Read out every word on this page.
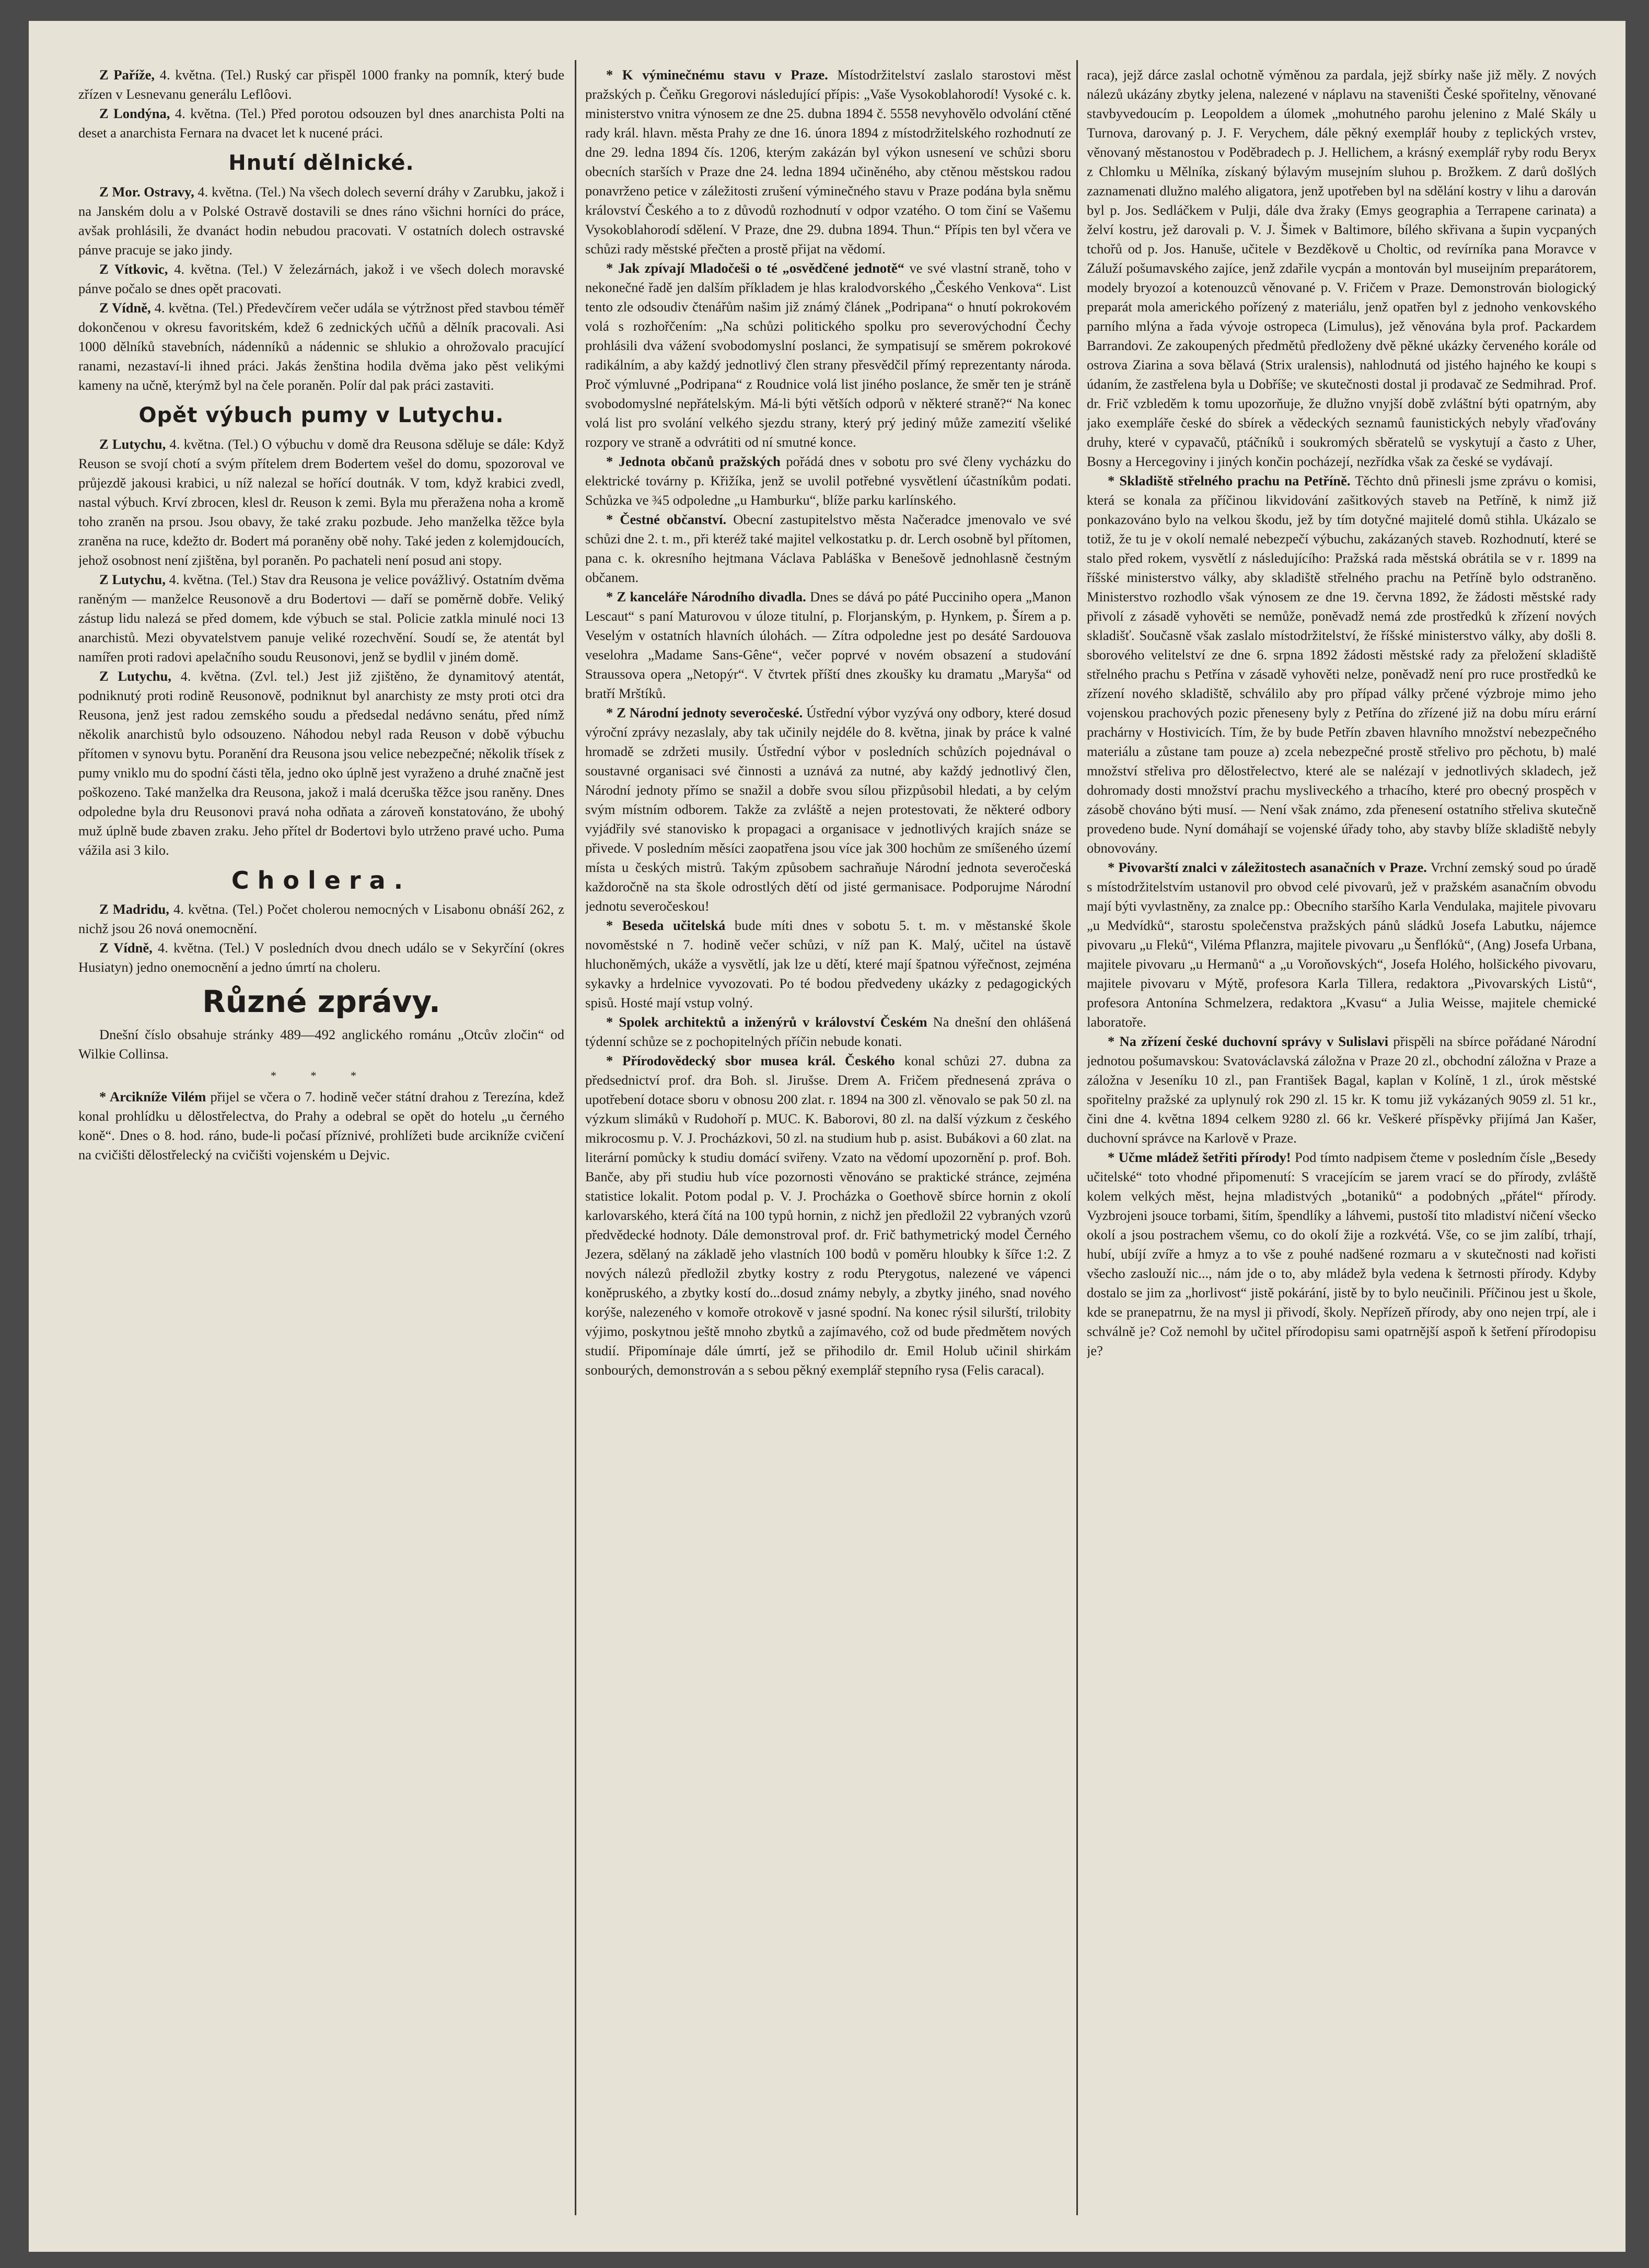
Z Paříže, 4. května. (Tel.) Ruský car přispěl 1000 franky na pomník, který bude zřízen v Lesnevanu generálu Leflôovi.

Z Londýna, 4. května. (Tel.) Před porotou odsouzen byl dnes anarchista Polti na deset a anarchista Fernara na dvacet let k nucené práci.

Hnutí dělnické.

Z Mor. Ostravy, 4. května. (Tel.) Na všech dolech severní dráhy v Zarubku, jakož i na Janském dolu a v Polské Ostravě dostavili se dnes ráno všichni horníci do práce, avšak prohlásili, že dvanáct hodin nebudou pracovati. V ostatních dolech ostravské pánve pracuje se jako jindy.

Z Vítkovic, 4. května. (Tel.) V železárnách, jakož i ve všech dolech moravské pánve počalo se dnes opět pracovati.

Z Vídně, 4. května. (Tel.) Předevčírem večer udála se výtržnost před stavbou téměř dokončenou v okresu favoritském, kdež 6 zednických učňů a dělník pracovali. Asi 1000 dělníků stavebních, nádenníků a nádennic se shlukio a ohrožovalo pracující ranami, nezastaví-li ihned práci. Jakás ženština hodila dvěma jako pěst velikými kameny na učně, kterýmž byl na čele poraněn. Polír dal pak práci zastaviti.

Opět výbuch pumy v Lutychu.

Z Lutychu, 4. května. (Tel.) O výbuchu v domě dra Reusona sděluje se dále: Když Reuson se svojí chotí a svým přítelem drem Bodertem vešel do domu, spozoroval ve průjezdě jakousi krabici, u níž nalezal se hořící doutnák. V tom, když krabici zvedl, nastal výbuch. Krví zbrocen, klesl dr. Reuson k zemi. Byla mu přeražena noha a kromě toho zraněn na prsou. Jsou obavy, že také zraku pozbude. Jeho manželka těžce byla zraněna na ruce, kdežto dr. Bodert má poraněny obě nohy. Také jeden z kolemjdoucích, jehož osobnost není zjištěna, byl poraněn. Po pachateli není posud ani stopy.

Z Lutychu, 4. května. (Tel.) Stav dra Reusona je velice povážlivý. Ostatním dvěma raněným — manželce Reusonově a dru Bodertovi — daří se poměrně dobře. Veliký zástup lidu nalezá se před domem, kde výbuch se stal. Policie zatkla minulé noci 13 anarchistů. Mezi obyvatelstvem panuje veliké rozechvění. Soudí se, že atentát byl namířen proti radovi apelačního soudu Reusonovi, jenž se bydlil v jiném domě.

Z Lutychu, 4. května. (Zvl. tel.) Jest již zjištěno, že dynamitový atentát, podniknutý proti rodině Reusonově, podniknut byl anarchisty ze msty proti otci dra Reusona, jenž jest radou zemského soudu a předsedal nedávno senátu, před nímž několik anarchistů bylo odsouzeno. Náhodou nebyl rada Reuson v době výbuchu přítomen v synovu bytu. Poranění dra Reusona jsou velice nebezpečné; několik třísek z pumy vniklo mu do spodní části těla, jedno oko úplně jest vyraženo a druhé značně jest poškozeno. Také manželka dra Reusona, jakož i malá dceruška těžce jsou raněny. Dnes odpoledne byla dru Reusonovi pravá noha odňata a zároveň konstatováno, že ubohý muž úplně bude zbaven zraku. Jeho přítel dr Bodertovi bylo utrženo pravé ucho. Puma vážila asi 3 kilo.

Cholera.

Z Madridu, 4. května. (Tel.) Počet cholerou nemocných v Lisabonu obnáší 262, z nichž jsou 26 nová onemocnění.

Z Vídně, 4. května. (Tel.) V posledních dvou dnech událo se v Sekyrčíní (okres Husiatyn) jedno onemocnění a jedno úmrtí na choleru.

Různé zprávy.

Dnešní číslo obsahuje stránky 489—492 anglického románu „Otcův zločin“ od Wilkie Collinsa.

* * *

* Arcikníže Vilém přijel se včera o 7. hodině večer státní drahou z Terezína, kdež konal prohlídku u dělostřelectva, do Prahy a odebral se opět do hotelu „u černého koně“. Dnes o 8. hod. ráno, bude-li počasí příznivé, prohlížeti bude arcikníže cvičení na cvičišti dělostřelecký na cvičišti vojenském u Dejvic.

* K výminečnému stavu v Praze. Místodržitelství zaslalo starostovi měst pražských p. Čeňku Gregorovi následující přípis: „Vaše Vysokoblahorodí! Vysoké c. k. ministerstvo vnitra výnosem ze dne 25. dubna 1894 č. 5558 nevyhovělo odvolání ctěné rady král. hlavn. města Prahy ze dne 16. února 1894 z místodržitelského rozhodnutí ze dne 29. ledna 1894 čís. 1206, kterým zakázán byl výkon usnesení ve schůzi sboru obecních starších v Praze dne 24. ledna 1894 učiněného, aby ctěnou městskou radou ponavrženo petice v záležitosti zrušení výminečného stavu v Praze podána byla sněmu království Českého a to z důvodů rozhodnutí v odpor vzatého. O tom činí se Vašemu Vysokoblahorodí sdělení. V Praze, dne 29. dubna 1894. Thun.“ Přípis ten byl včera ve schůzi rady městské přečten a prostě přijat na vědomí.

* Jak zpívají Mladočeši o té „osvědčené jednotě“ ve své vlastní straně, toho v nekonečné řadě jen dalším příkladem je hlas kralodvorského „Českého Venkova“. List tento zle odsoudiv čtenářům našim již známý článek „Podripana“ o hnutí pokrokovém volá s rozhořčením: „Na schůzi politického spolku pro severovýchodní Čechy prohlásili dva vážení svobodomyslní poslanci, že sympatisují se směrem pokrokové radikálním, a aby každý jednotlivý člen strany přesvědčil přímý reprezentanty národa. Proč výmluvné „Podripana“ z Roudnice volá list jiného poslance, že směr ten je stráně svobodomyslné nepřátelským. Má-li býti větších odporů v některé straně?“ Na konec volá list pro svolání velkého sjezdu strany, který prý jediný může zamezití všeliké rozpory ve straně a odvrátiti od ní smutné konce.

* Jednota občanů pražských pořádá dnes v sobotu pro své členy vycházku do elektrické továrny p. Křižíka, jenž se uvolil potřebné vysvětlení účastníkům podati. Schůzka ve ¾5 odpoledne „u Hamburku“, blíže parku karlínského.

* Čestné občanství. Obecní zastupitelstvo města Načeradce jmenovalo ve své schůzi dne 2. t. m., při kteréž také majitel velkostatku p. dr. Lerch osobně byl přítomen, pana c. k. okresního hejtmana Václava Pabláška v Benešově jednohlasně čestným občanem.

* Z kanceláře Národního divadla. Dnes se dává po páté Pucciniho opera „Manon Lescaut“ s paní Maturovou v úloze titulní, p. Florjanským, p. Hynkem, p. Šírem a p. Veselým v ostatních hlavních úlohách. — Zítra odpoledne jest po desáté Sardouova veselohra „Madame Sans-Gêne“, večer poprvé v novém obsazení a studování Straussova opera „Netopýr“. V čtvrtek příští dnes zkoušky ku dramatu „Maryša“ od bratří Mrštíků.

* Z Národní jednoty severočeské. Ústřední výbor vyzývá ony odbory, které dosud výroční zprávy nezaslaly, aby tak učinily nejdéle do 8. května, jinak by práce k valné hromadě se zdržeti musily. Ústřední výbor v posledních schůzích pojednával o soustavné organisaci své činnosti a uznává za nutné, aby každý jednotlivý člen, Národní jednoty přímo se snažil a dobře svou sílou přizpůsobil hledati, a by celým svým místním odborem. Takže za zvláště a nejen protestovati, že některé odbory vyjádřily své stanovisko k propagaci a organisace v jednotlivých krajích snáze se přivede. V posledním měsíci zaopatřena jsou více jak 300 hochům ze smíšeného území místa u českých mistrů. Takým způsobem sachraňuje Národní jednota severočeská každoročně na sta škole odrostlých dětí od jisté germanisace. Podporujme Národní jednotu severočeskou!

* Beseda učitelská bude míti dnes v sobotu 5. t. m. v městanské škole novoměstské n 7. hodině večer schůzi, v níž pan K. Malý, učitel na ústavě hluchoněmých, ukáže a vysvětlí, jak lze u dětí, které mají špatnou výřečnost, zejména sykavky a hrdelnice vyvozovati. Po té bodou předvedeny ukázky z pedagogických spisů. Hosté mají vstup volný.

* Spolek architektů a inženýrů v království Českém Na dnešní den ohlášená týdenní schůze se z pochopitelných příčin nebude konati.

* Přírodovědecký sbor musea král. Českého konal schůzi 27. dubna za předsednictví prof. dra Boh. sl. Jirušse. Drem A. Fričem přednesená zpráva o upotřebení dotace sboru v obnosu 200 zlat. r. 1894 na 300 zl. věnovalo se pak 50 zl. na výzkum slimáků v Rudohoří p. MUC. K. Baborovi, 80 zl. na další výzkum z českého mikrocosmu p. V. J. Procházkovi, 50 zl. na studium hub p. asist. Bubákovi a 60 zlat. na literární pomůcky k studiu domácí sviřeny. Vzato na vědomí upozornění p. prof. Boh. Banče, aby při studiu hub více pozornosti věnováno se praktické stránce, zejména statistice lokalit. Potom podal p. V. J. Procházka o Goethově sbírce hornin z okolí karlovarského, která čítá na 100 typů hornin, z nichž jen předložil 22 vybraných vzorů předvědecké hodnoty. Dále demonstroval prof. dr. Frič bathymetrický model Černého Jezera, sdělaný na základě jeho vlastních 100 bodů v poměru hloubky k šířce 1:2. Z nových nálezů předložil zbytky kostry z rodu Pterygotus, nalezené ve vápenci koněpruského, a zbytky kostí do...dosud známy nebyly, a zbytky jiného, snad nového korýše, nalezeného v komoře otrokově v jasné spodní. Na konec rýsil silurští, trilobity výjimo, poskytnou ještě mnoho zbytků a zajímavého, což od bude předmětem nových studií. Připomínaje dále úmrtí, jež se přihodilo dr. Emil Holub učinil shirkám sonbourých, demonstrován a s sebou pěkný exemplář stepního rysa (Felis caracal).

raca), jejž dárce zaslal ochotně výměnou za pardala, jejž sbírky naše již měly. Z nových nálezů ukázány zbytky jelena, nalezené v náplavu na staveništi České spořitelny, věnované stavbyvedoucím p. Leopoldem a úlomek „mohutného parohu jelenino z Malé Skály u Turnova, darovaný p. J. F. Verychem, dále pěkný exemplář houby z teplických vrstev, věnovaný městanostou v Poděbradech p. J. Hellichem, a krásný exemplář ryby rodu Beryx z Chlomku u Mělníka, získaný býlavým musejním sluhou p. Brožkem. Z darů došlých zaznamenati dlužno malého aligatora, jenž upotřeben byl na sdělání kostry v lihu a darován byl p. Jos. Sedláčkem v Pulji, dále dva žraky (Emys geographia a Terrapene carinata) a želví kostru, jež darovali p. V. J. Šimek v Baltimore, bílého skřivana a šupin vycpaných tchořů od p. Jos. Hanuše, učitele v Bezděkově u Choltic, od revírníka pana Moravce v Záluží pošumavského zajíce, jenž zdařile vycpán a montován byl museijním preparátorem, modely bryozoí a kotenouzců věnované p. V. Fričem v Praze. Demonstrován biologický preparát mola amerického pořízený z materiálu, jenž opatřen byl z jednoho venkovského parního mlýna a řada vývoje ostropeca (Limulus), jež věnována byla prof. Packardem Barrandovi. Ze zakoupených předmětů předloženy dvě pěkné ukázky červeného korále od ostrova Ziarina a sova bělavá (Strix uralensis), nahlodnutá od jistého hajného ke koupi s údaním, že zastřelena byla u Dobříše; ve skutečnosti dostal ji prodavač ze Sedmihrad. Prof. dr. Frič vzbleděm k tomu upozorňuje, že dlužno vnyjší době zvláštní býti opatrným, aby jako exempláře české do sbírek a vědeckých seznamů faunistických nebyly vřaďovány druhy, které v cypavačů, ptáčníků i soukromých sběratelů se vyskytují a často z Uher, Bosny a Hercegoviny i jiných končin pocházejí, nezřídka však za české se vydávají.

* Skladiště střelného prachu na Petříně. Těchto dnů přinesli jsme zprávu o komisi, která se konala za příčinou likvidování zašitkových staveb na Petříně, k nimž již ponkazováno bylo na velkou škodu, jež by tím dotyčné majitelé domů stihla. Ukázalo se totiž, že tu je v okolí nemalé nebezpečí výbuchu, zakázaných staveb. Rozhodnutí, které se stalo před rokem, vysvětlí z následujícího: Pražská rada městská obrátila se v r. 1899 na říšské ministerstvo války, aby skladiště střelného prachu na Petříně bylo odstraněno. Ministerstvo rozhodlo však výnosem ze dne 19. června 1892, že žádosti městské rady přivolí z zásadě vyhověti se nemůže, poněvadž nemá zde prostředků k zřízení nových skladišť. Současně však zaslalo místodržitelství, že říšské ministerstvo války, aby došli 8. sborového velitelství ze dne 6. srpna 1892 žádosti městské rady za přeložení skladiště střelného prachu s Petřína v zásadě vyhověti nelze, poněvadž není pro ruce prostředků ke zřízení nového skladiště, schválilo aby pro případ války prčené výzbroje mimo jeho vojenskou prachových pozic přeneseny byly z Petřína do zřízené již na dobu míru erární prachárny v Hostivicích. Tím, že by bude Petřín zbaven hlavního množství nebezpečného materiálu a zůstane tam pouze a) zcela nebezpečné prostě střelivo pro pěchotu, b) malé množství střeliva pro dělostřelectvo, které ale se nalézají v jednotlivých skladech, jež dohromady dosti množství prachu mysliveckého a trhacího, které pro obecný prospěch v zásobě chováno býti musí. — Není však známo, zda přenesení ostatního střeliva skutečně provedeno bude. Nyní domáhají se vojenské úřady toho, aby stavby blíže skladiště nebyly obnovovány.

* Pivovarští znalci v záležitostech asanačních v Praze. Vrchní zemský soud po úradě s místodržitelstvím ustanovil pro obvod celé pivovarů, jež v pražském asanačním obvodu mají býti vyvlastněny, za znalce pp.: Obecního staršího Karla Vendulaka, majitele pivovaru „u Medvídků“, starostu společenstva pražských pánů sládků Josefa Labutku, nájemce pivovaru „u Fleků“, Viléma Pflanzra, majitele pivovaru „u Šenflóků“, (Ang) Josefa Urbana, majitele pivovaru „u Hermanů“ a „u Voroňovských“, Josefa Holého, holšického pivovaru, majitele pivovaru v Mýtě, profesora Karla Tillera, redaktora „Pivovarských Listů“, profesora Antonína Schmelzera, redaktora „Kvasu“ a Julia Weisse, majitele chemické laboratoře.

* Na zřízení české duchovní správy v Sulislavi přispěli na sbírce pořádané Národní jednotou pošumavskou: Svatováclavská záložna v Praze 20 zl., obchodní záložna v Praze a záložna v Jeseníku 10 zl., pan František Bagal, kaplan v Kolíně, 1 zl., úrok městské spořitelny pražské za uplynulý rok 290 zl. 15 kr. K tomu již vykázaných 9059 zl. 51 kr., čini dne 4. května 1894 celkem 9280 zl. 66 kr. Veškeré příspěvky přijímá Jan Kašer, duchovní správce na Karlově v Praze.

* Učme mládež šetřiti přírody! Pod tímto nadpisem čteme v posledním čísle „Besedy učitelské“ toto vhodné připomenutí: S vracejícím se jarem vrací se do přírody, zvláště kolem velkých měst, hejna mladistvých „botaniků“ a podobných „přátel“ přírody. Vyzbrojeni jsouce torbami, šitím, špendlíky a láhvemi, pustoší tito mladiství ničení všecko okolí a jsou postrachem všemu, co do okolí žije a rozkvétá. Vše, co se jim zalíbí, trhají, hubí, ubíjí zvíře a hmyz a to vše z pouhé nadšené rozmaru a v skutečnosti nad kořisti všecho zaslouží nic..., nám jde o to, aby mládež byla vedena k šetrnosti přírody. Kdyby dostalo se jim za „horlivost“ jistě pokárání, jistě by to bylo neučinili. Příčinou jest u škole, kde se pranepatrnu, že na mysl ji přivodí, školy. Nepřízeň přírody, aby ono nejen trpí, ale i schválně je? Což nemohl by učitel přírodopisu sami opatrnější aspoň k šetření přírodopisu je?
